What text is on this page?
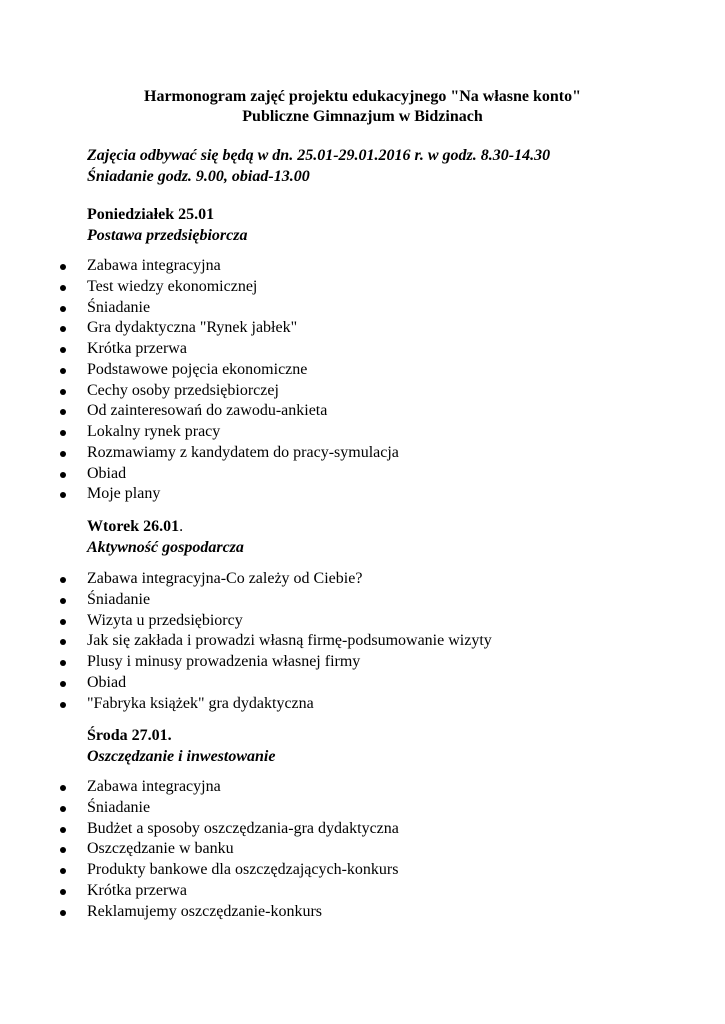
Harmonogram zajęć projektu edukacyjnego "Na własne konto"
Publiczne Gimnazjum w Bidzinach

Zajęcia odbywać się będą w dn. 25.01-29.01.2016 r. w godz. 8.30-14.30

Śniadanie godz. 9.00, obiad-13.00

Poniedziałek 25.01

Postawa przedsiębiorcza

Zabawa integracyjna
Test wiedzy ekonomicznej
Śniadanie
Gra dydaktyczna "Rynek jabłek"
Krótka przerwa
Podstawowe pojęcia ekonomiczne
Cechy osoby przedsiębiorczej
Od zainteresowań do zawodu-ankieta
Lokalny rynek pracy
Rozmawiamy z kandydatem do pracy-symulacja
Obiad
Moje plany

Wtorek 26.01.

Aktywność gospodarcza

Zabawa integracyjna-Co zależy od Ciebie?
Śniadanie
Wizyta u przedsiębiorcy
Jak się zakłada i prowadzi własną firmę-podsumowanie wizyty
Plusy i minusy prowadzenia własnej firmy
Obiad
"Fabryka książek" gra dydaktyczna

Środa 27.01.

Oszczędzanie i inwestowanie

Zabawa integracyjna
Śniadanie
Budżet a sposoby oszczędzania-gra dydaktyczna
Oszczędzanie w banku
Produkty bankowe dla oszczędzających-konkurs
Krótka przerwa
Reklamujemy oszczędzanie-konkurs
